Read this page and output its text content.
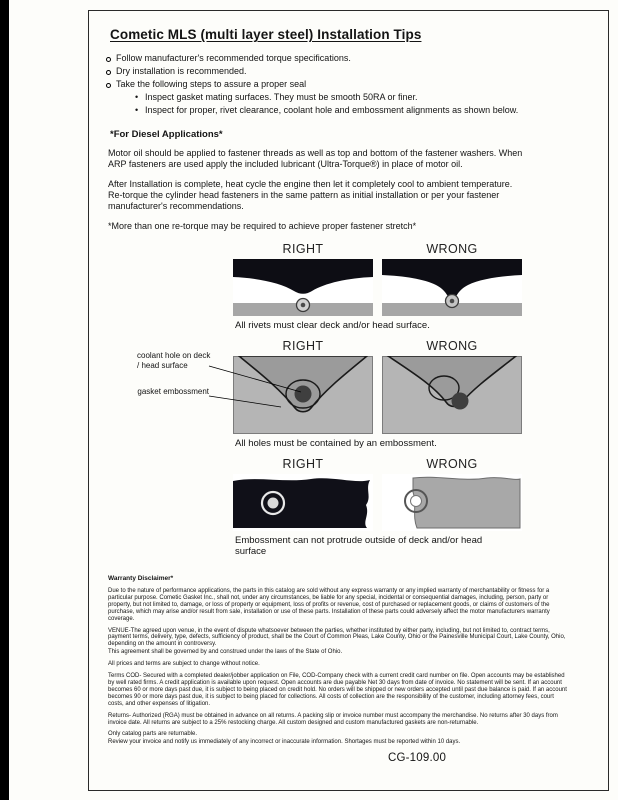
Cometic MLS (multi layer steel) Installation Tips
Follow manufacturer's recommended torque specifications.
Dry installation is recommended.
Take the following steps to assure a proper seal
• Inspect gasket mating surfaces. They must be smooth 50RA or finer.
• Inspect for proper, rivet clearance, coolant hole and embossment alignments as shown below.
*For Diesel Applications*

Motor oil should be applied to fastener threads as well as top and bottom of the fastener washers. When ARP fasteners are used apply the included lubricant (Ultra-Torque®) in place of motor oil.

After Installation is complete, heat cycle the engine then let it completely cool to ambient temperature. Re-torque the cylinder head fasteners in the same pattern as initial installation or per your fastener manufacturer's recommendations.

*More than one re-torque may be required to achieve proper fastener stretch*

RIGHT	WRONG
All rivets must clear deck and/or head surface.
RIGHT	WRONG
coolant hole on deck / head surface
gasket embossment
All holes must be contained by an embossment.
RIGHT	WRONG
Embossment can not protrude outside of deck and/or head surface
Warranty Disclaimer*

Due to the nature of performance applications, the parts in this catalog are sold without any express warranty or any implied warranty of merchantability or fitness for a particular purpose. Cometic Gasket Inc., shall not, under any circumstances, be liable for any special, incidental or consequential damages, including, person, party or property, but not limited to, damage, or loss of property or equipment, loss of profits or revenue, cost of purchased or replacement goods, or claims of customers of the purchase, which may arise and/or result from sale, installation or use of these parts. Installation of these parts could adversely affect the motor manufacturers warranty coverage.

VENUE-The agreed upon venue, in the event of dispute whatsoever between the parties, whether instituted by either party, including, but not limited to, contract terms, payment terms, delivery, type, defects, sufficiency of product, shall be the Court of Common Pleas, Lake County, Ohio or the Painesville Municipal Court, Lake County, Ohio, depending on the amount in controversy.

This agreement shall be governed by and construed under the laws of the State of Ohio.

All prices and terms are subject to change without notice.

Terms COD- Secured with a completed dealer/jobber application on File, COD-Company check with a current credit card number on file. Open accounts may be established by well rated firms. A credit application is available upon request. Open accounts are due payable Net 30 days from date of invoice. No statement will be sent. If an account becomes 60 or more days past due, it is subject to being placed on credit hold. No orders will be shipped or new orders accepted until past due balance is paid. If an account becomes 90 or more days past due, it is subject to being placed for collections. All costs of collection are the responsibility of the customer, including attorney fees, court costs, and other expenses of litigation.

Returns- Authorized (RGA) must be obtained in advance on all returns. A packing slip or invoice number must accompany the merchandise. No returns after 30 days from invoice date. All returns are subject to a 25% restocking charge. All custom designed and custom manufactured gaskets are non-returnable.

Only catalog parts are returnable.

Review your invoice and notify us immediately of any incorrect or inaccurate information. Shortages must be reported within 10 days.

CG-109.00
